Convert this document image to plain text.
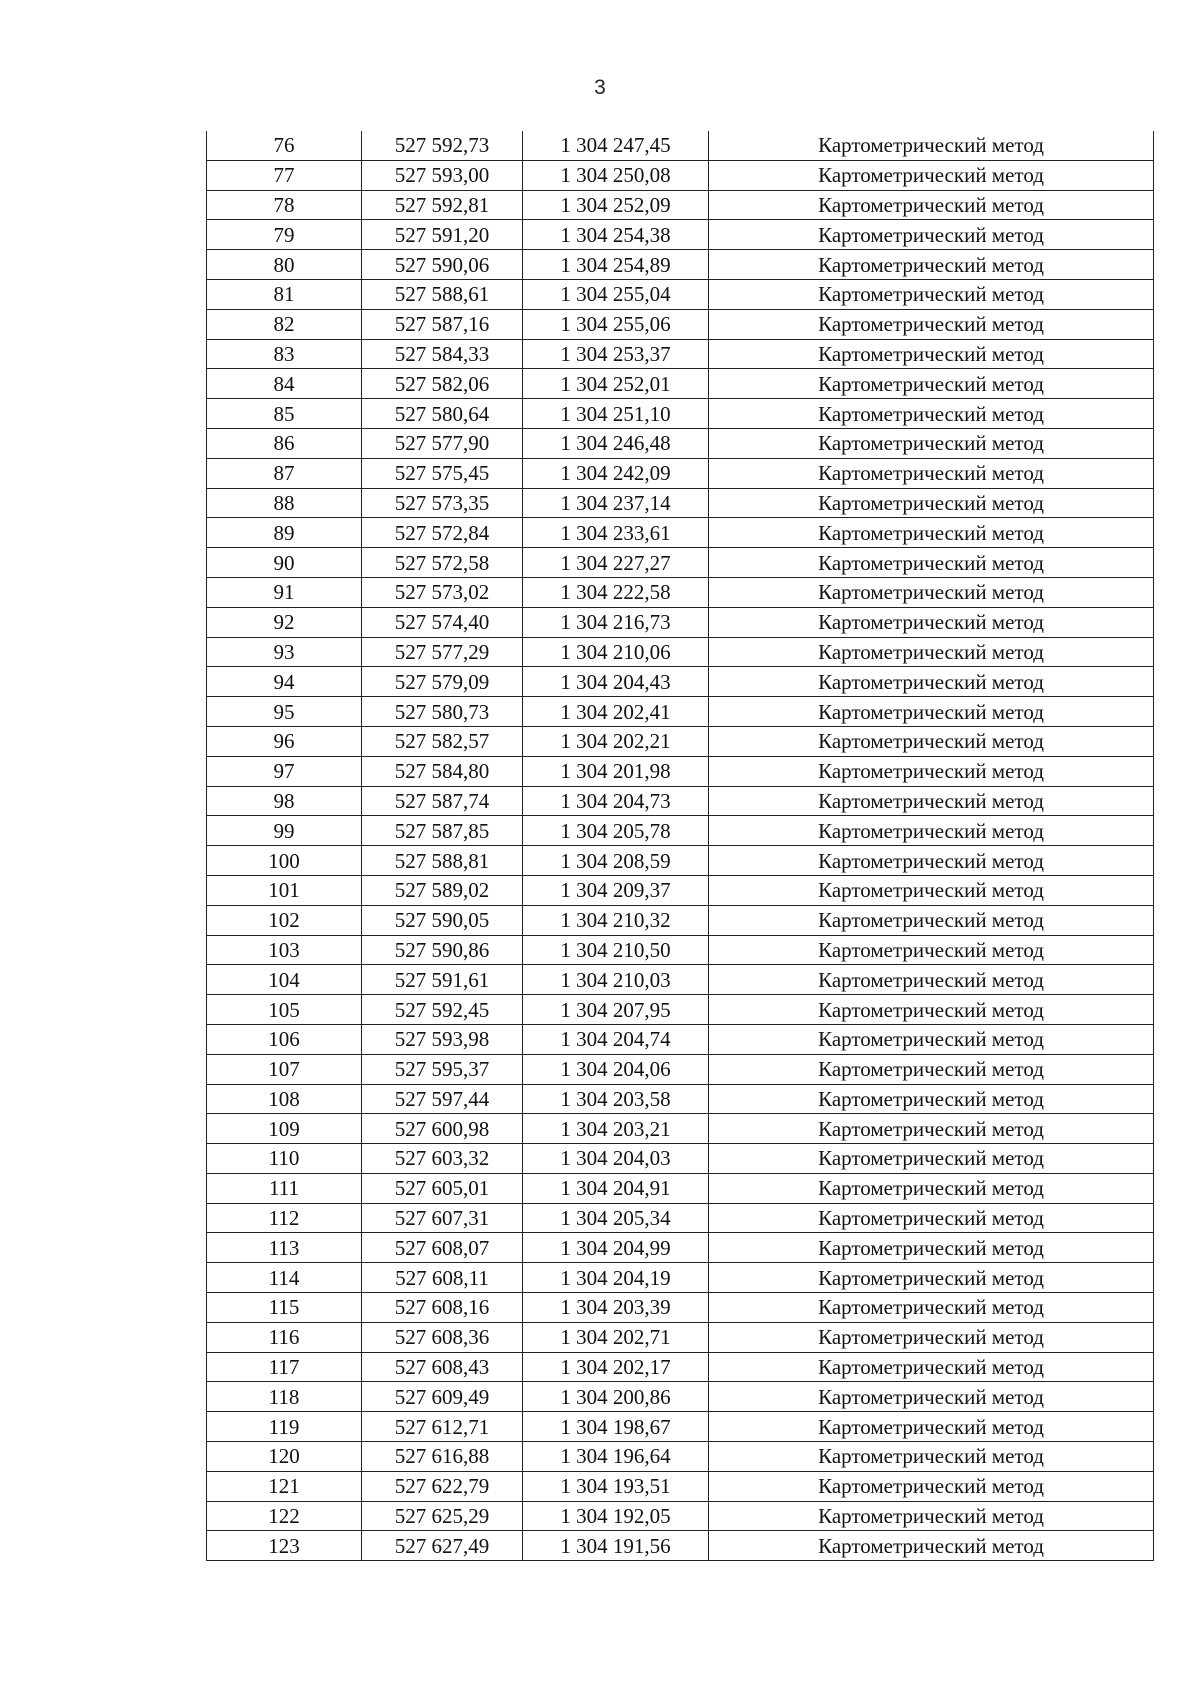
3
76	527 592,73	1 304 247,45	Картометрический метод
77	527 593,00	1 304 250,08	Картометрический метод
78	527 592,81	1 304 252,09	Картометрический метод
79	527 591,20	1 304 254,38	Картометрический метод
80	527 590,06	1 304 254,89	Картометрический метод
81	527 588,61	1 304 255,04	Картометрический метод
82	527 587,16	1 304 255,06	Картометрический метод
83	527 584,33	1 304 253,37	Картометрический метод
84	527 582,06	1 304 252,01	Картометрический метод
85	527 580,64	1 304 251,10	Картометрический метод
86	527 577,90	1 304 246,48	Картометрический метод
87	527 575,45	1 304 242,09	Картометрический метод
88	527 573,35	1 304 237,14	Картометрический метод
89	527 572,84	1 304 233,61	Картометрический метод
90	527 572,58	1 304 227,27	Картометрический метод
91	527 573,02	1 304 222,58	Картометрический метод
92	527 574,40	1 304 216,73	Картометрический метод
93	527 577,29	1 304 210,06	Картометрический метод
94	527 579,09	1 304 204,43	Картометрический метод
95	527 580,73	1 304 202,41	Картометрический метод
96	527 582,57	1 304 202,21	Картометрический метод
97	527 584,80	1 304 201,98	Картометрический метод
98	527 587,74	1 304 204,73	Картометрический метод
99	527 587,85	1 304 205,78	Картометрический метод
100	527 588,81	1 304 208,59	Картометрический метод
101	527 589,02	1 304 209,37	Картометрический метод
102	527 590,05	1 304 210,32	Картометрический метод
103	527 590,86	1 304 210,50	Картометрический метод
104	527 591,61	1 304 210,03	Картометрический метод
105	527 592,45	1 304 207,95	Картометрический метод
106	527 593,98	1 304 204,74	Картометрический метод
107	527 595,37	1 304 204,06	Картометрический метод
108	527 597,44	1 304 203,58	Картометрический метод
109	527 600,98	1 304 203,21	Картометрический метод
110	527 603,32	1 304 204,03	Картометрический метод
111	527 605,01	1 304 204,91	Картометрический метод
112	527 607,31	1 304 205,34	Картометрический метод
113	527 608,07	1 304 204,99	Картометрический метод
114	527 608,11	1 304 204,19	Картометрический метод
115	527 608,16	1 304 203,39	Картометрический метод
116	527 608,36	1 304 202,71	Картометрический метод
117	527 608,43	1 304 202,17	Картометрический метод
118	527 609,49	1 304 200,86	Картометрический метод
119	527 612,71	1 304 198,67	Картометрический метод
120	527 616,88	1 304 196,64	Картометрический метод
121	527 622,79	1 304 193,51	Картометрический метод
122	527 625,29	1 304 192,05	Картометрический метод
123	527 627,49	1 304 191,56	Картометрический метод
